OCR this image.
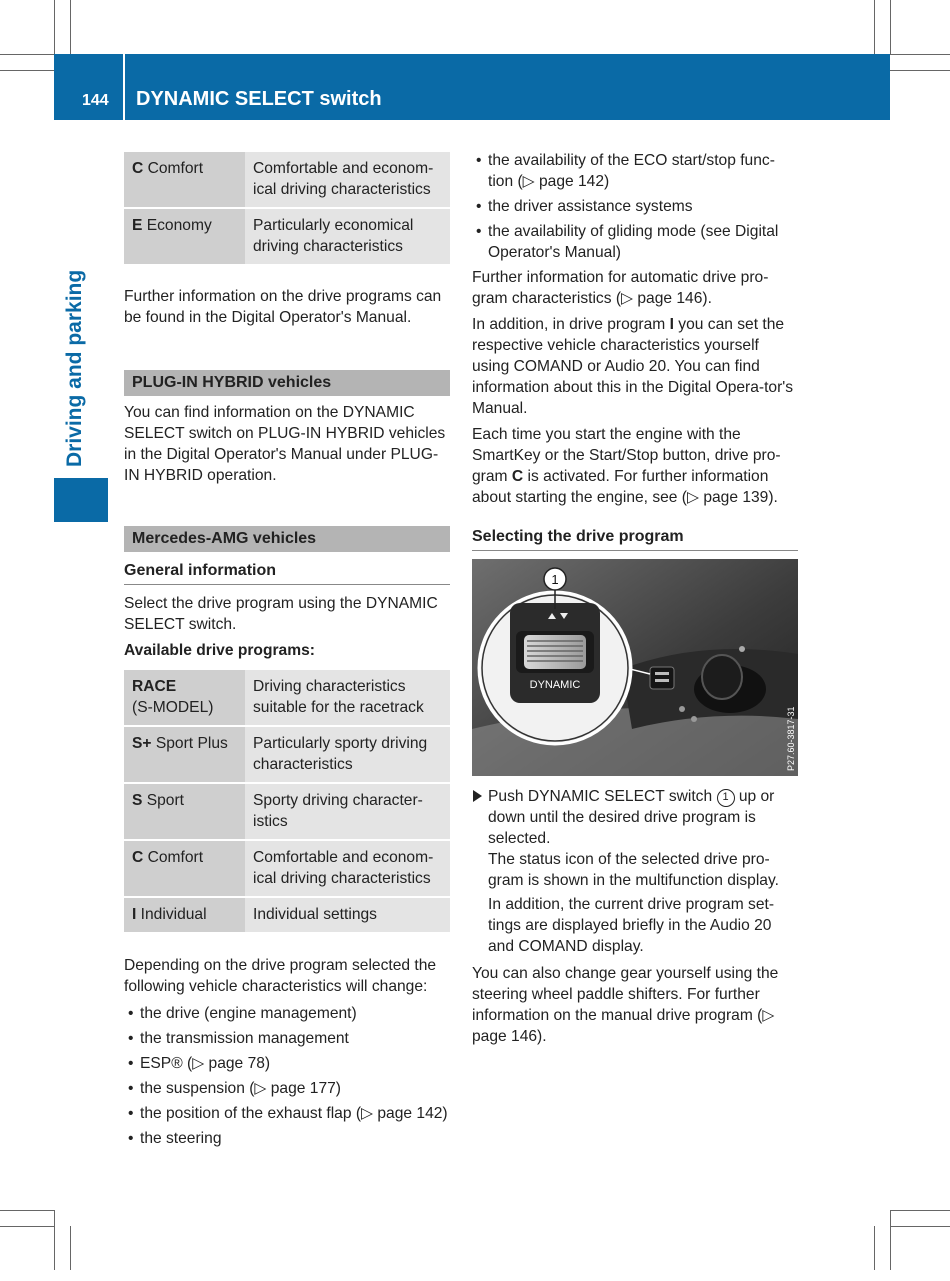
144 DYNAMIC SELECT switch
Driving and parking
C Comfort	Comfortable and econom-ical driving characteristics
E Economy	Particularly economical driving characteristics

Further information on the drive programs can be found in the Digital Operator's Manual.

PLUG-IN HYBRID vehicles

You can find information on the DYNAMIC SELECT switch on PLUG-IN HYBRID vehicles in the Digital Operator's Manual under PLUG-IN HYBRID operation.

Mercedes-AMG vehicles
General information

Select the drive program using the DYNAMIC SELECT switch.

Available drive programs:

RACE
(S-MODEL)	Driving characteristics suitable for the racetrack
S+ Sport Plus	Particularly sporty driving characteristics
S Sport	Sporty driving character-istics
C Comfort	Comfortable and econom-ical driving characteristics
I Individual	Individual settings

Depending on the drive program selected the following vehicle characteristics will change:

• the drive (engine management)
• the transmission management
• ESP® (▷ page 78)
• the suspension (▷ page 177)
• the position of the exhaust flap (▷ page 142)
• the steering
• the availability of the ECO start/stop func-tion (▷ page 142)
• the driver assistance systems
• the availability of gliding mode (see Digital Operator's Manual)

Further information for automatic drive pro-gram characteristics (▷ page 146).

In addition, in drive program I you can set the respective vehicle characteristics yourself using COMAND or Audio 20. You can find information about this in the Digital Opera-tor's Manual.

Each time you start the engine with the SmartKey or the Start/Stop button, drive pro-gram C is activated. For further information about starting the engine, see (▷ page 139).

Selecting the drive program
DYNAMIC
1
P27.60-3817-31

Push DYNAMIC SELECT switch 1 up or down until the desired drive program is selected.
The status icon of the selected drive pro-gram is shown in the multifunction display.

In addition, the current drive program set-tings are displayed briefly in the Audio 20 and COMAND display.

You can also change gear yourself using the steering wheel paddle shifters. For further information on the manual drive program (▷ page 146).
